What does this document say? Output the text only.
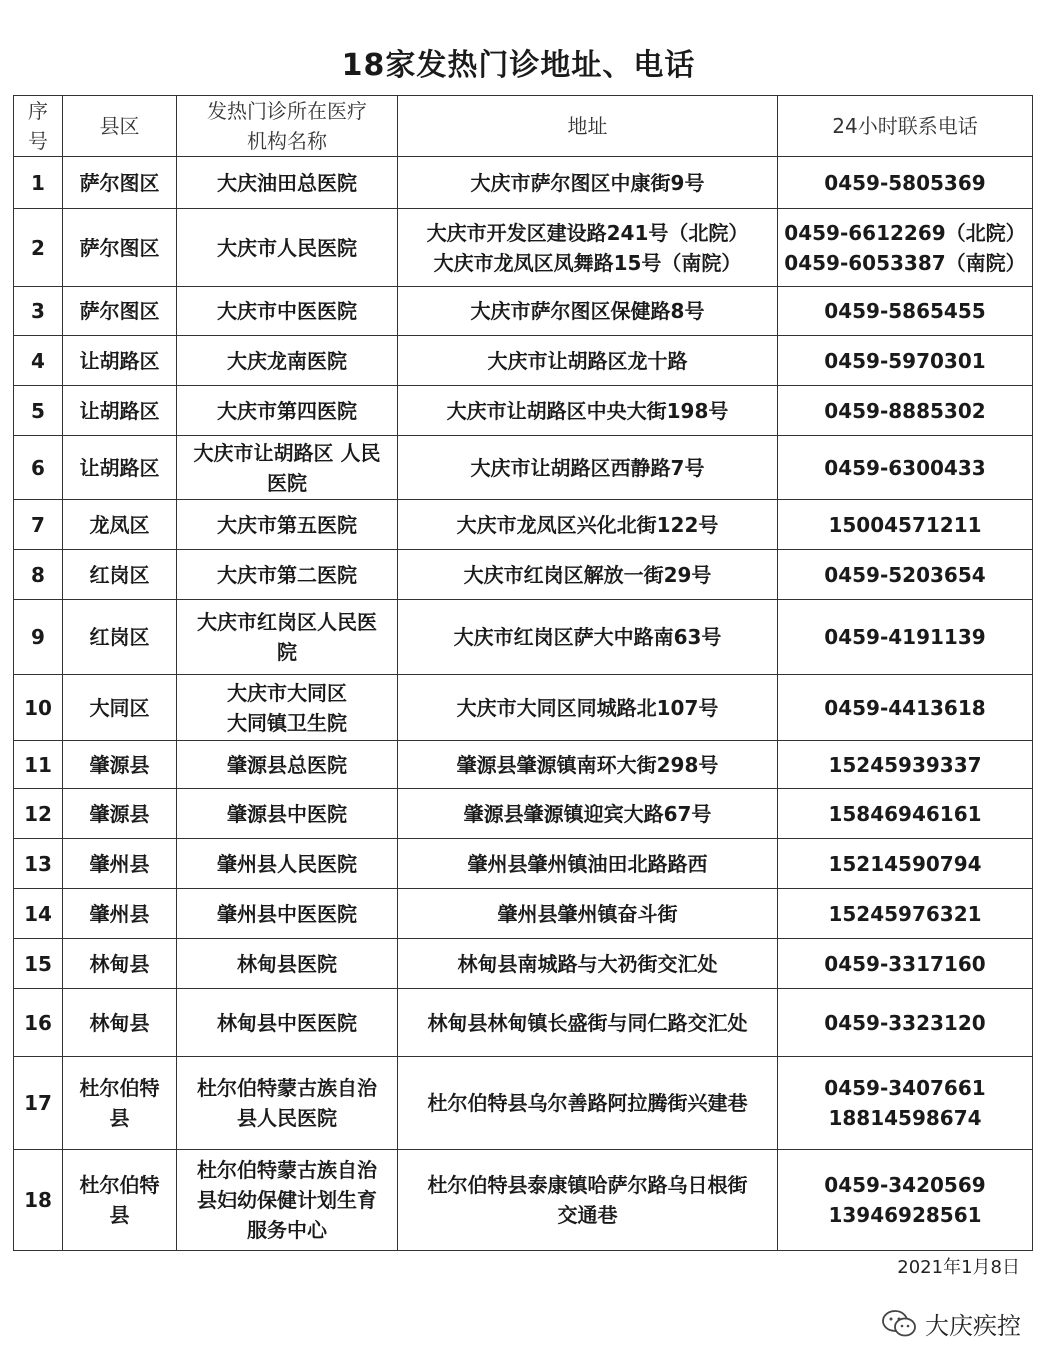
18家发热门诊地址、电话
序
号	县区	发热门诊所在医疗
机构名称	地址	24小时联系电话
1	萨尔图区	大庆油田总医院	大庆市萨尔图区中康街9号	0459-5805369

2	萨尔图区	大庆市人民医院	大庆市开发区建设路241号（北院）
大庆市龙凤区凤舞路15号（南院）	0459-6612269（北院）
0459-6053387（南院）

3	萨尔图区	大庆市中医医院	大庆市萨尔图区保健路8号	0459-5865455

4	让胡路区	大庆龙南医院	大庆市让胡路区龙十路	0459-5970301

5	让胡路区	大庆市第四医院	大庆市让胡路区中央大街198号	0459-8885302

6	让胡路区	大庆市让胡路区 人民
医院	大庆市让胡路区西静路7号	0459-6300433

7	龙凤区	大庆市第五医院	大庆市龙凤区兴化北街122号	15004571211

8	红岗区	大庆市第二医院	大庆市红岗区解放一街29号	0459-5203654

9	红岗区	大庆市红岗区人民医
院	大庆市红岗区萨大中路南63号	0459-4191139

10	大同区	大庆市大同区
大同镇卫生院	大庆市大同区同城路北107号	0459-4413618

11	肇源县	肇源县总医院	肇源县肇源镇南环大街298号	15245939337

12	肇源县	肇源县中医院	肇源县肇源镇迎宾大路67号	15846946161

13	肇州县	肇州县人民医院	肇州县肇州镇油田北路路西	15214590794

14	肇州县	肇州县中医医院	肇州县肇州镇奋斗街	15245976321

15	林甸县	林甸县医院	林甸县南城路与大礽街交汇处	0459-3317160

16	林甸县	林甸县中医医院	林甸县林甸镇长盛街与同仁路交汇处	0459-3323120

17	杜尔伯特
县	杜尔伯特蒙古族自治
县人民医院	杜尔伯特县乌尔善路阿拉腾街兴建巷	0459-3407661
18814598674

18	杜尔伯特
县	杜尔伯特蒙古族自治
县妇幼保健计划生育
服务中心	杜尔伯特县泰康镇哈萨尔路乌日根街
交通巷	0459-3420569
13946928561
2021年1月8日
大庆疾控
